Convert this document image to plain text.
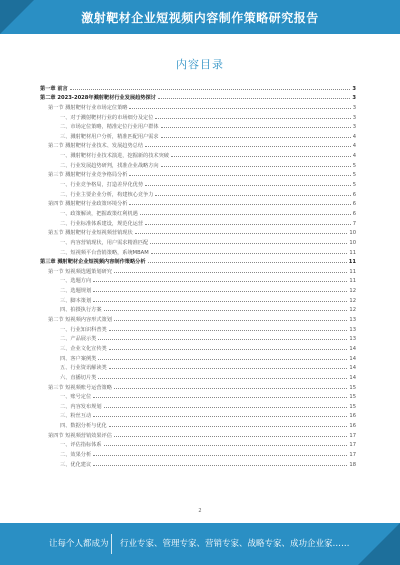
激射靶材企业短视频内容制作策略研究报告
内容目录
第一章 前言	3
第二章 2023-2028年溅射靶材行业发展趋势探讨	3
第一节 溅射靶材行业市场定位策略	3
一、对于溅射靶材行业的市场细分及定位	3
二、市场定位策略，精准定位行业用户群体	3
三、溅射靶材用户分析，精准匹配用户需求	4
第二节 溅射靶材行业技术、发展趋势总结	4
一、溅射靶材行业技术演进，挖掘新的技术突破	4
二、行业发展趋势研判，找准企业战略方向	5
第三节 溅射靶材行业竞争格局分析	5
一、行业竞争格局，打造差异化优势	5
二、行业主要企业分析，构建核心竞争力	6
第四节 溅射靶材行业政策环境分析	6
一、政策解读，把握政策红利机遇	6
二、行业标准体系建设，规范化运营	7
第五节 溅射靶材行业短视频营销现状	10
一、内容营销现状，用户需求精准匹配	10
二、短视频平台营销策略，系统MBAM	11
第三章 溅射靶材企业短视频内容制作策略分析	11
第一节 短视频选题策划研究	11
一、选题方向	11
二、选题规划	12
三、脚本策划	12
四、拍摄执行方案	12
第二节 短视频内容形式策划	13
一、行业知识科普类	13
二、产品展示类	13
三、企业文化宣传类	14
四、客户案例类	14
五、行业资讯解读类	14
六、直播切片类	14
第三节 短视频账号运营策略	15
一、账号定位	15
二、内容发布规划	15
三、粉丝互动	16
四、数据分析与优化	16
第四节 短视频营销效果评估	17
一、评估指标体系	17
二、效果分析	17
三、优化建议	18
2
让每个人都成为 行业专家、管理专家、营销专家、战略专家、成功企业家……
